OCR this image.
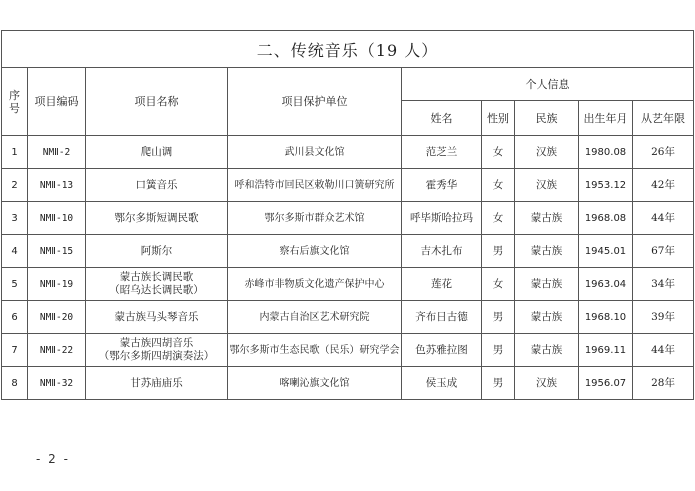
二、传统音乐（19 人）								
序号	项目编码	项目名称	项目保护单位	个人信息				
				姓名	性别	民族	出生年月	从艺年限
1	NMⅡ-2	爬山调	武川县文化馆	范芝兰	女	汉族	1980.08	26年
2	NMⅡ-13	口簧音乐	呼和浩特市回民区敕勒川口簧研究所	霍秀华	女	汉族	1953.12	42年
3	NMⅡ-10	鄂尔多斯短调民歌	鄂尔多斯市群众艺术馆	呼毕斯哈拉玛	女	蒙古族	1968.08	44年
4	NMⅡ-15	阿斯尔	察右后旗文化馆	吉木扎布	男	蒙古族	1945.01	67年
5	NMⅡ-19	蒙古族长调民歌
（昭乌达长调民歌）	赤峰市非物质文化遗产保护中心	莲花	女	蒙古族	1963.04	34年
6	NMⅡ-20	蒙古族马头琴音乐	内蒙古自治区艺术研究院	齐布日古德	男	蒙古族	1968.10	39年
7	NMⅡ-22	蒙古族四胡音乐
（鄂尔多斯四胡演奏法）	鄂尔多斯市生态民歌（民乐）研究学会	色苏雅拉图	男	蒙古族	1969.11	44年
8	NMⅡ-32	甘苏庙庙乐	喀喇沁旗文化馆	侯玉成	男	汉族	1956.07	28年
- 2 -
